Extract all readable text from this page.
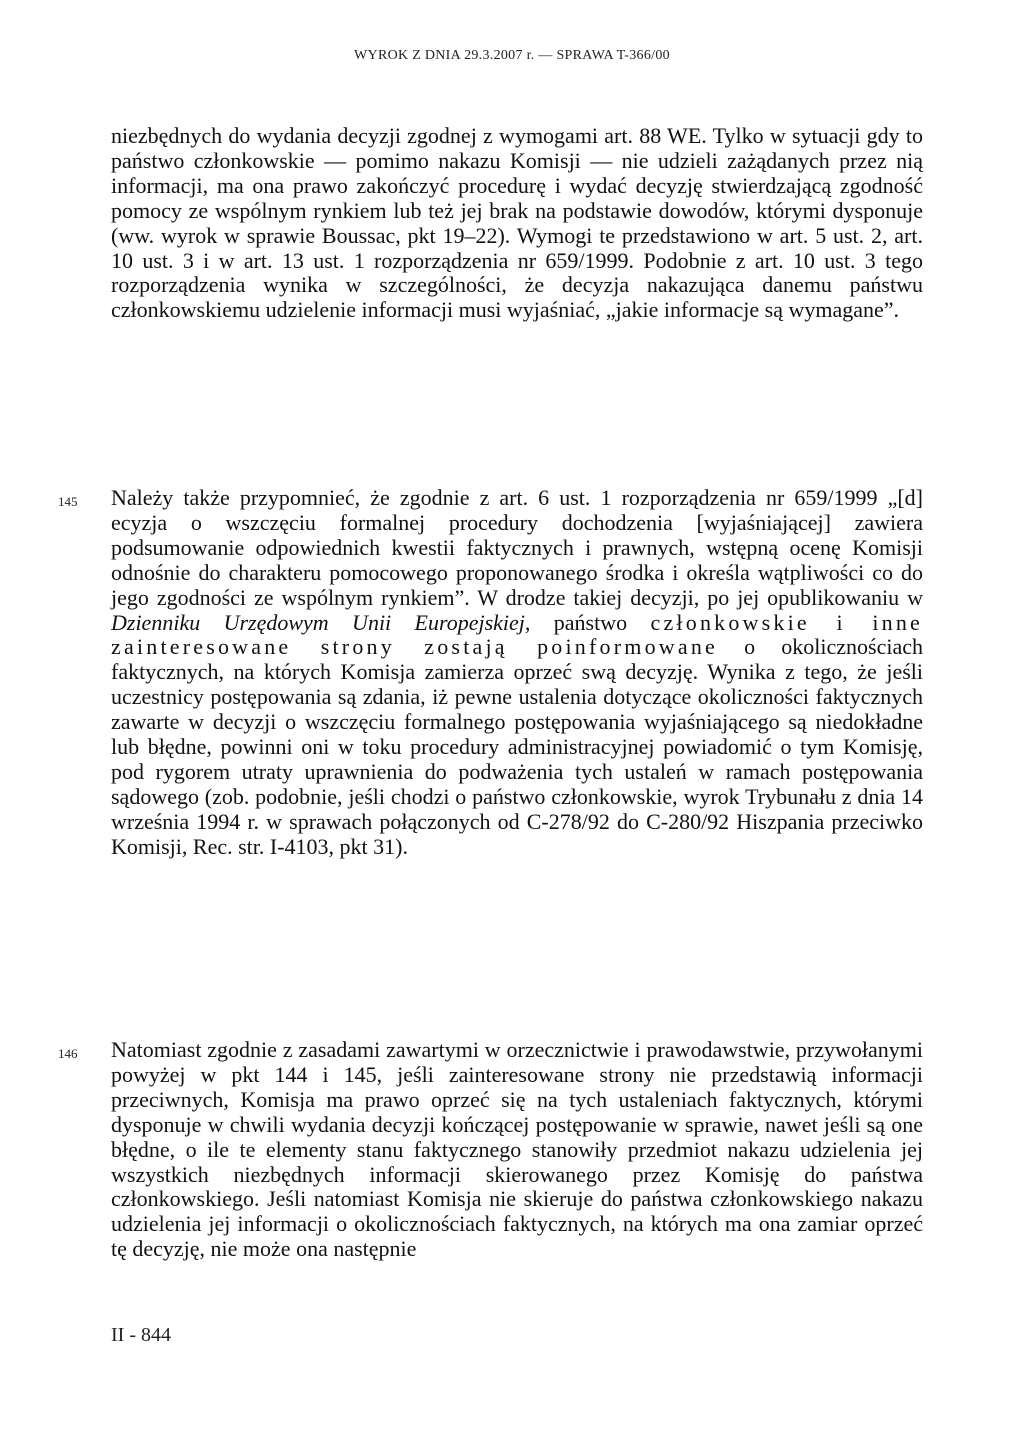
WYROK Z DNIA 29.3.2007 r. — SPRAWA T-366/00

niezbędnych do wydania decyzji zgodnej z wymogami art. 88 WE. Tylko w sytuacji gdy to państwo członkowskie — pomimo nakazu Komisji — nie udzieli zażądanych przez nią informacji, ma ona prawo zakończyć procedurę i wydać decyzję stwierdzającą zgodność pomocy ze wspólnym rynkiem lub też jej brak na podstawie dowodów, którymi dysponuje (ww. wyrok w sprawie Boussac, pkt 19–22). Wymogi te przedstawiono w art. 5 ust. 2, art. 10 ust. 3 i w art. 13 ust. 1 rozporządzenia nr 659/1999. Podobnie z art. 10 ust. 3 tego rozporządzenia wynika w szczególności, że decyzja nakazująca danemu państwu członkowskiemu udzielenie informacji musi wyjaśniać, „jakie informacje są wymagane”.

145 Należy także przypomnieć, że zgodnie z art. 6 ust. 1 rozporządzenia nr 659/1999 „[d] ecyzja o wszczęciu formalnej procedury dochodzenia [wyjaśniającej] zawiera podsumowanie odpowiednich kwestii faktycznych i prawnych, wstępną ocenę Komisji odnośnie do charakteru pomocowego proponowanego środka i określa wątpliwości co do jego zgodności ze wspólnym rynkiem”. W drodze takiej decyzji, po jej opublikowaniu w Dzienniku Urzędowym Unii Europejskiej, państwo członkowskie i inne zainteresowane strony zostają poinformowane o okolicznościach faktycznych, na których Komisja zamierza oprzeć swą decyzję. Wynika z tego, że jeśli uczestnicy postępowania są zdania, iż pewne ustalenia dotyczące okoliczności faktycznych zawarte w decyzji o wszczęciu formalnego postępowania wyjaśniającego są niedokładne lub błędne, powinni oni w toku procedury administracyjnej powiadomić o tym Komisję, pod rygorem utraty uprawnienia do podważenia tych ustaleń w ramach postępowania sądowego (zob. podobnie, jeśli chodzi o państwo członkowskie, wyrok Trybunału z dnia 14 września 1994 r. w sprawach połączonych od C-278/92 do C-280/92 Hiszpania przeciwko Komisji, Rec. str. I-4103, pkt 31).

146 Natomiast zgodnie z zasadami zawartymi w orzecznictwie i prawodawstwie, przywołanymi powyżej w pkt 144 i 145, jeśli zainteresowane strony nie przedstawią informacji przeciwnych, Komisja ma prawo oprzeć się na tych ustaleniach faktycznych, którymi dysponuje w chwili wydania decyzji kończącej postępowanie w sprawie, nawet jeśli są one błędne, o ile te elementy stanu faktycznego stanowiły przedmiot nakazu udzielenia jej wszystkich niezbędnych informacji skierowanego przez Komisję do państwa członkowskiego. Jeśli natomiast Komisja nie skieruje do państwa członkowskiego nakazu udzielenia jej informacji o okolicznościach faktycznych, na których ma ona zamiar oprzeć tę decyzję, nie może ona następnie

II - 844
